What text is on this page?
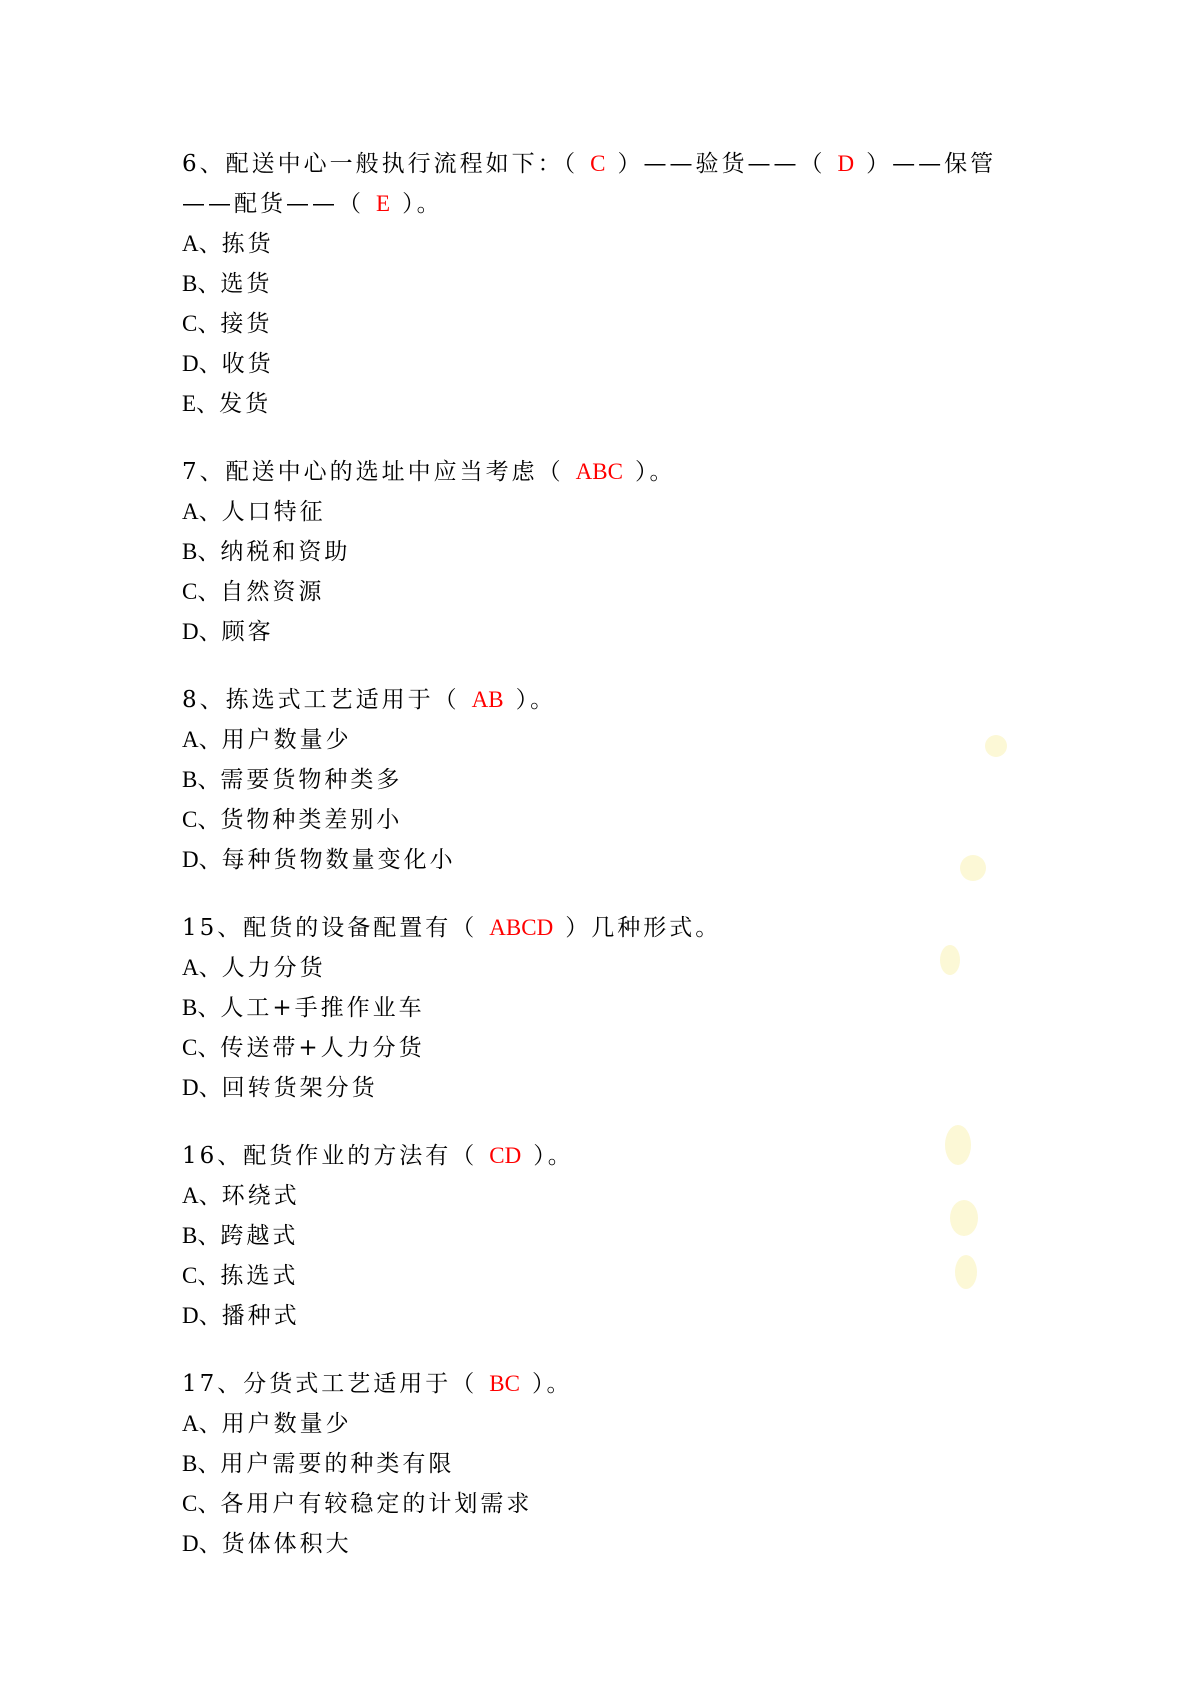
6、配送中心一般执行流程如下：（ C ）——验货——（ D ）——保管——配货——（ E ）。

A、拣货

B、选货

C、接货

D、收货

E、发货

7、配送中心的选址中应当考虑（ ABC ）。

A、人口特征

B、纳税和资助

C、自然资源

D、顾客

8、拣选式工艺适用于（ AB ）。

A、用户数量少

B、需要货物种类多

C、货物种类差别小

D、每种货物数量变化小

15、配货的设备配置有（ ABCD ）几种形式。

A、人力分货

B、人工+手推作业车

C、传送带+人力分货

D、回转货架分货

16、配货作业的方法有（ CD ）。

A、环绕式

B、跨越式

C、拣选式

D、播种式

17、分货式工艺适用于（ BC ）。

A、用户数量少

B、用户需要的种类有限

C、各用户有较稳定的计划需求

D、货体体积大
